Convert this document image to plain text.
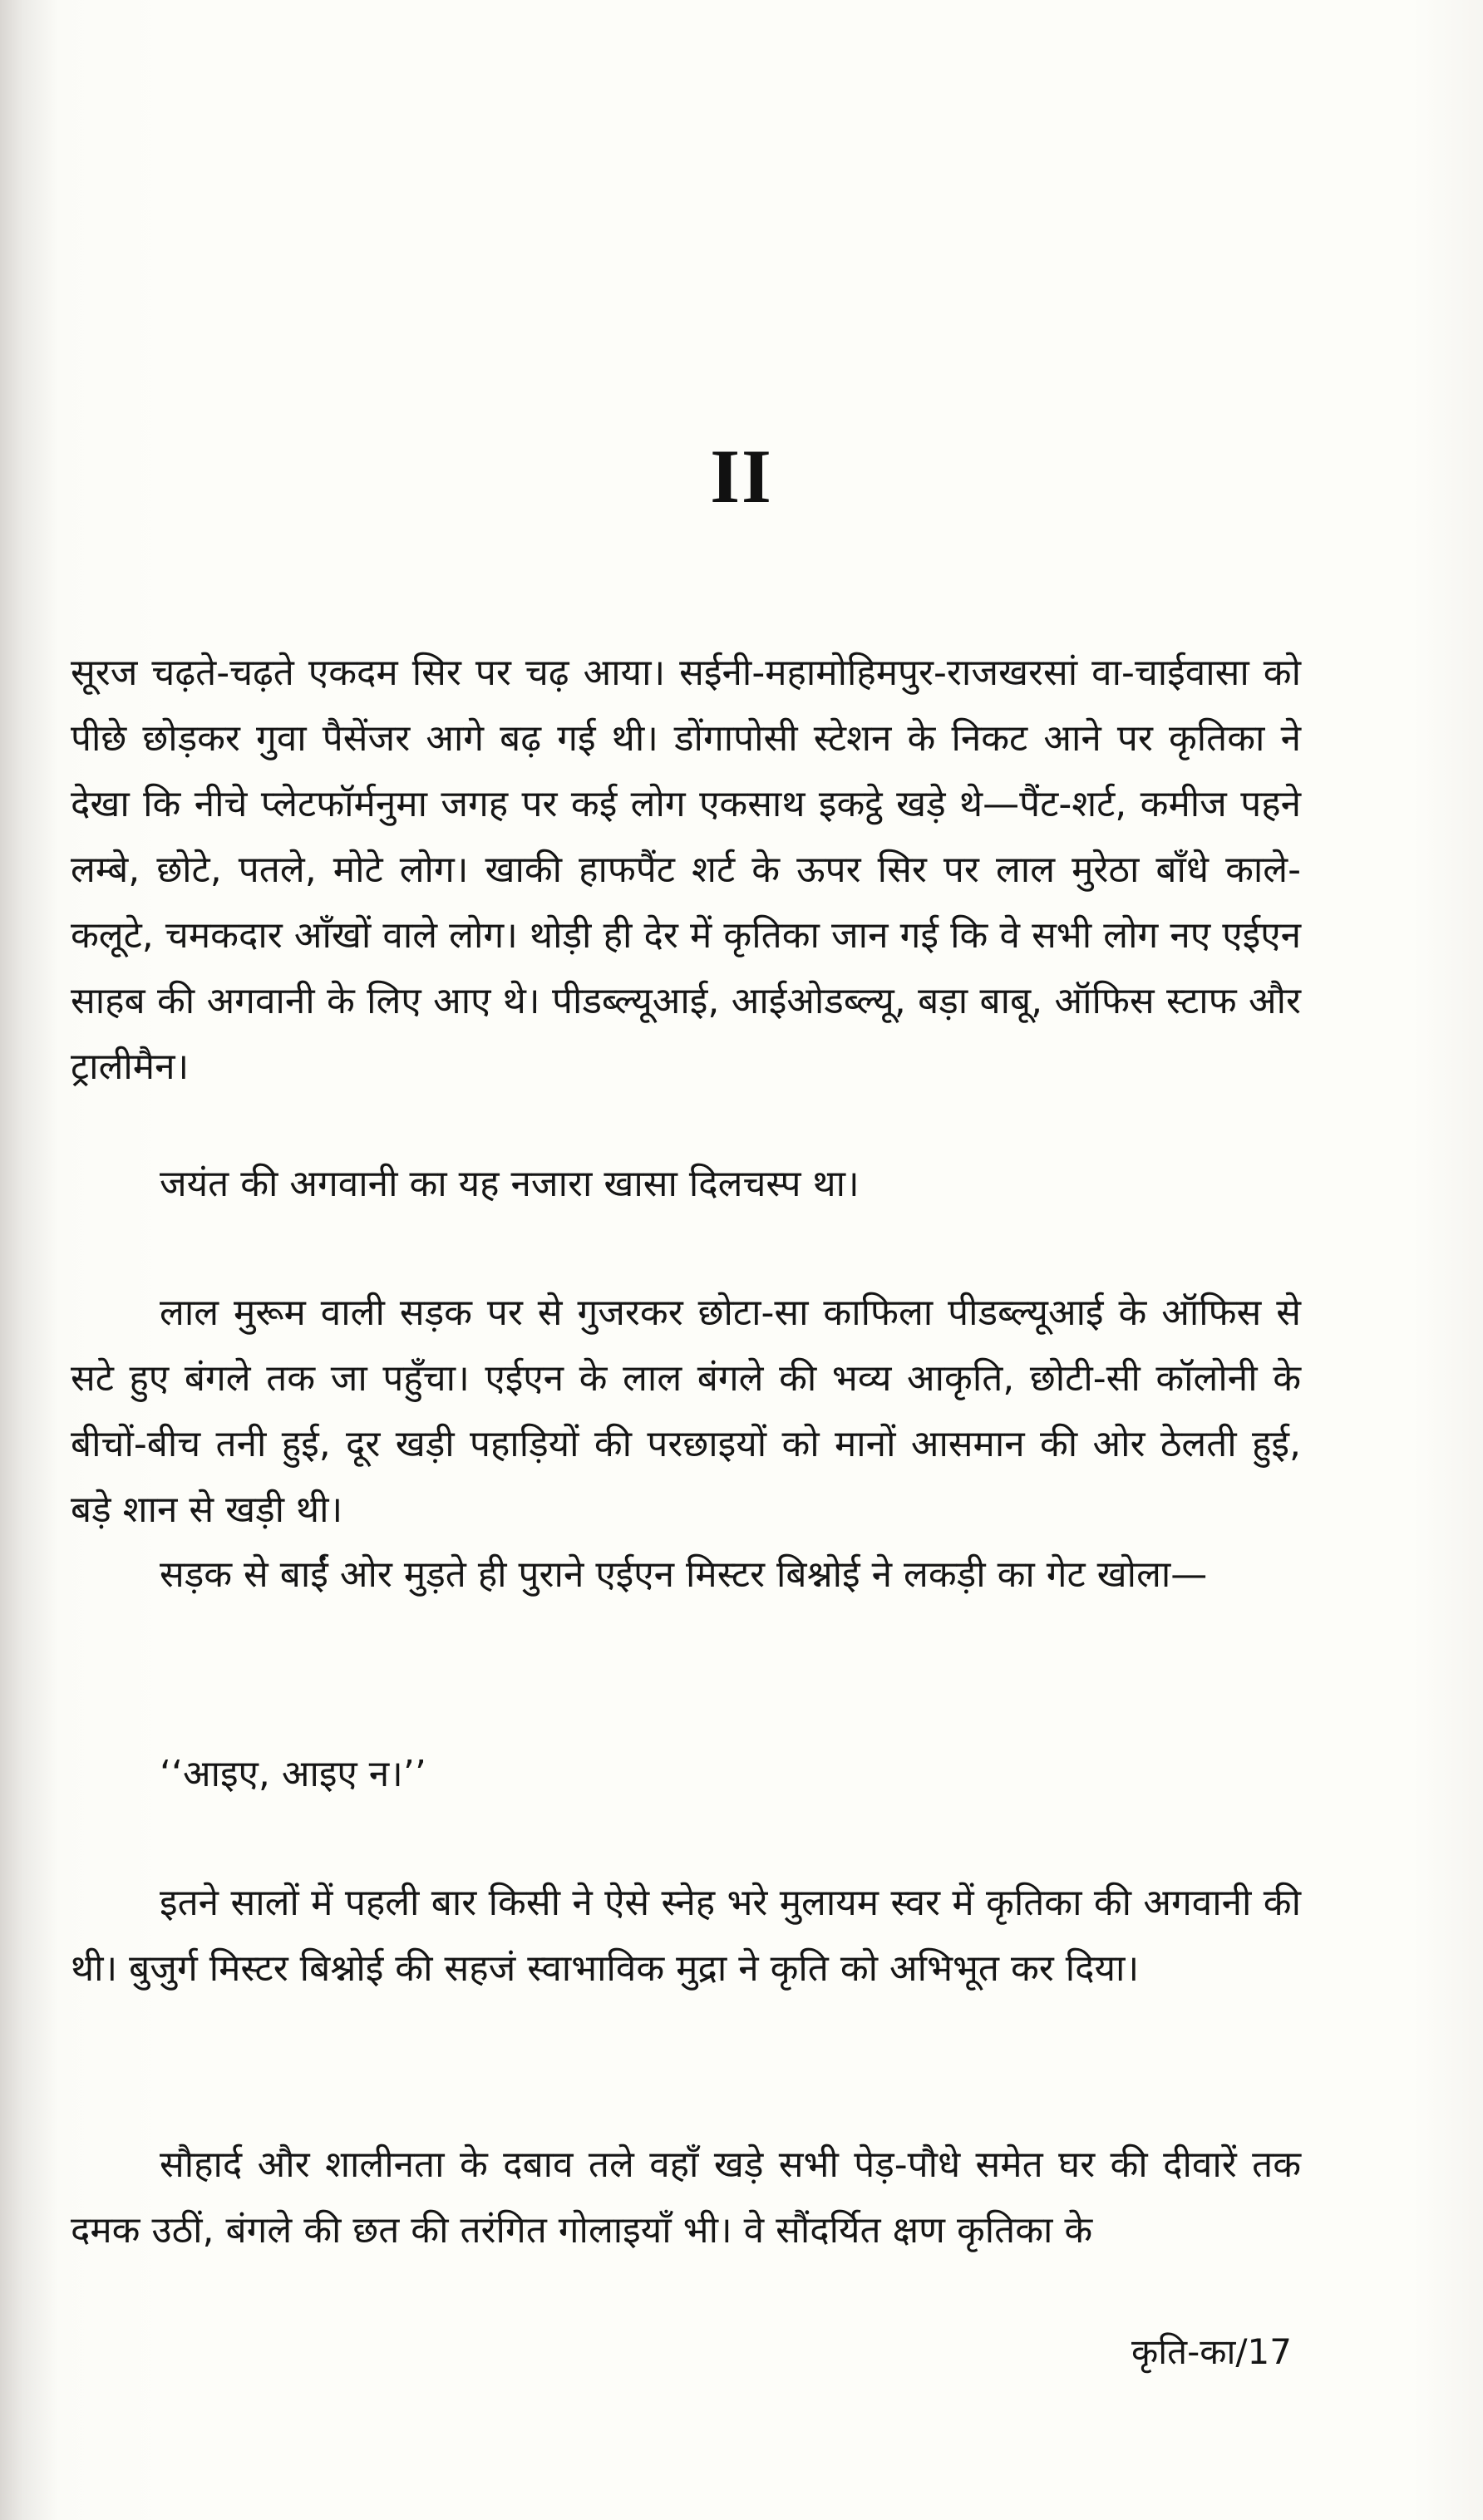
II

सूरज चढ़ते-चढ़ते एकदम सिर पर चढ़ आया। सईनी-महामोहिमपुर-राजखरसां वा-चाईवासा को पीछे छोड़कर गुवा पैसेंजर आगे बढ़ गई थी। डोंगापोसी स्टेशन के निकट आने पर कृतिका ने देखा कि नीचे प्लेटफॉर्मनुमा जगह पर कई लोग एकसाथ इकट्ठे खड़े थे—पैंट-शर्ट, कमीज पहने लम्बे, छोटे, पतले, मोटे लोग। खाकी हाफपैंट शर्ट के ऊपर सिर पर लाल मुरेठा बाँधे काले-कलूटे, चमकदार आँखों वाले लोग। थोड़ी ही देर में कृतिका जान गई कि वे सभी लोग नए एईएन साहब की अगवानी के लिए आए थे। पीडब्ल्यूआई, आईओडब्ल्यू, बड़ा बाबू, ऑफिस स्टाफ और ट्रालीमैन।

जयंत की अगवानी का यह नजारा खासा दिलचस्प था।

लाल मुरूम वाली सड़क पर से गुजरकर छोटा-सा काफिला पीडब्ल्यूआई के ऑफिस से सटे हुए बंगले तक जा पहुँचा। एईएन के लाल बंगले की भव्य आकृति, छोटी-सी कॉलोनी के बीचों-बीच तनी हुई, दूर खड़ी पहाड़ियों की परछाइयों को मानों आसमान की ओर ठेलती हुई, बड़े शान से खड़ी थी।

सड़क से बाईं ओर मुड़ते ही पुराने एईएन मिस्टर बिश्नोई ने लकड़ी का गेट खोला—

‘‘आइए, आइए न।’’

इतने सालों में पहली बार किसी ने ऐसे स्नेह भरे मुलायम स्वर में कृतिका की अगवानी की थी। बुजुर्ग मिस्टर बिश्नोई की सहजं स्वाभाविक मुद्रा ने कृति को अभिभूत कर दिया।

सौहार्द और शालीनता के दबाव तले वहाँ खड़े सभी पेड़-पौधे समेत घर की दीवारें तक दमक उठीं, बंगले की छत की तरंगित गोलाइयाँ भी। वे सौंदर्यित क्षण कृतिका के

कृति-का/17
